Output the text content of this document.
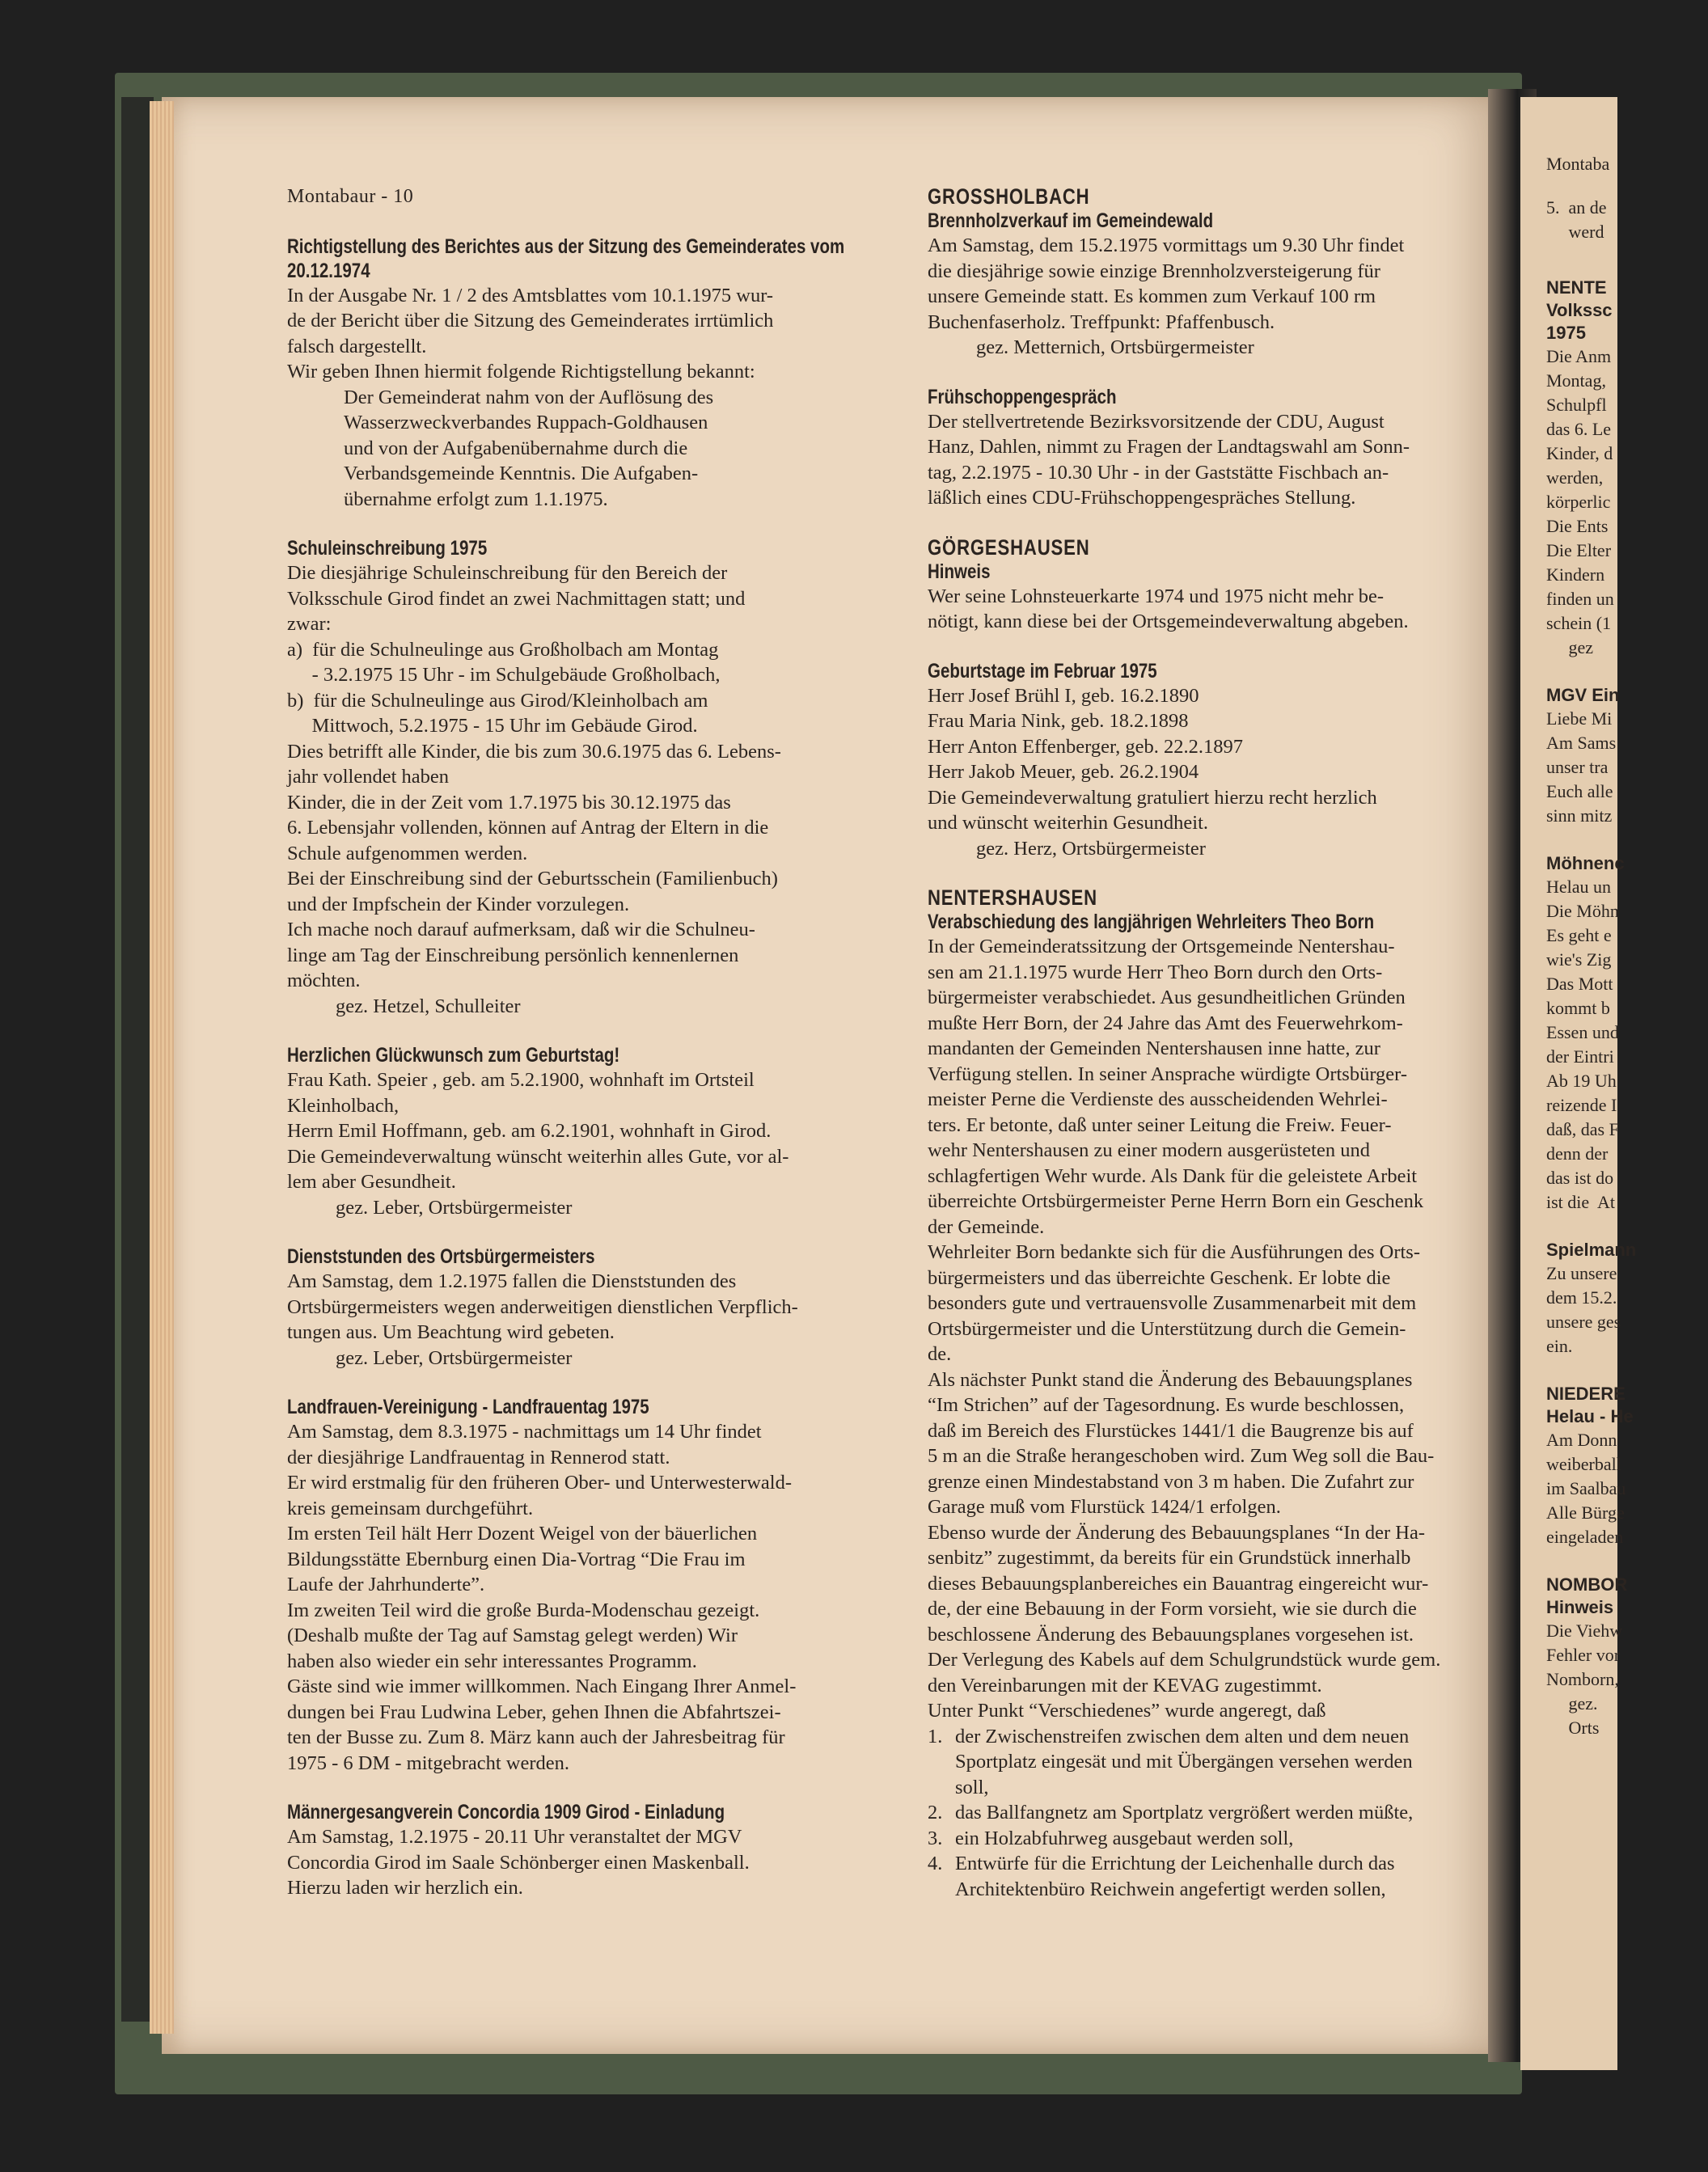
Montabaur - 10
Richtigstellung des Berichtes aus der Sitzung des Gemeinderates vom 20.12.1974
In der Ausgabe Nr. 1 / 2 des Amtsblattes vom 10.1.1975 wur-
de der Bericht über die Sitzung des Gemeinderates irrtümlich
falsch dargestellt.
Wir geben Ihnen hiermit folgende Richtigstellung bekannt:
Der Gemeinderat nahm von der Auflösung des
Wasserzweckverbandes Ruppach-Goldhausen
und von der Aufgabenübernahme durch die
Verbandsgemeinde Kenntnis. Die Aufgaben-
übernahme erfolgt zum 1.1.1975.
Schuleinschreibung 1975
Die diesjährige Schuleinschreibung für den Bereich der
Volksschule Girod findet an zwei Nachmittagen statt; und
zwar:
a)  für die Schulneulinge aus Großholbach am Montag
- 3.2.1975 15 Uhr - im Schulgebäude Großholbach,
b)  für die Schulneulinge aus Girod/Kleinholbach am
Mittwoch, 5.2.1975 - 15 Uhr im Gebäude Girod.
Dies betrifft alle Kinder, die bis zum 30.6.1975 das 6. Lebens-
jahr vollendet haben
Kinder, die in der Zeit vom 1.7.1975 bis 30.12.1975 das
6. Lebensjahr vollenden, können auf Antrag der Eltern in die
Schule aufgenommen werden.
Bei der Einschreibung sind der Geburtsschein (Familienbuch)
und der Impfschein der Kinder vorzulegen.
Ich mache noch darauf aufmerksam, daß wir die Schulneu-
linge am Tag der Einschreibung persönlich kennenlernen
möchten.
gez. Hetzel, Schulleiter
Herzlichen Glückwunsch zum Geburtstag!
Frau Kath. Speier , geb. am 5.2.1900, wohnhaft im Ortsteil
Kleinholbach,
Herrn Emil Hoffmann, geb. am 6.2.1901, wohnhaft in Girod.
Die Gemeindeverwaltung wünscht weiterhin alles Gute, vor al-
lem aber Gesundheit.
gez. Leber, Ortsbürgermeister
Dienststunden des Ortsbürgermeisters
Am Samstag, dem 1.2.1975 fallen die Dienststunden des
Ortsbürgermeisters wegen anderweitigen dienstlichen Verpflich-
tungen aus. Um Beachtung wird gebeten.
gez. Leber, Ortsbürgermeister
Landfrauen-Vereinigung - Landfrauentag 1975
Am Samstag, dem 8.3.1975 - nachmittags um 14 Uhr findet
der diesjährige Landfrauentag in Rennerod statt.
Er wird erstmalig für den früheren Ober- und Unterwesterwald-
kreis gemeinsam durchgeführt.
Im ersten Teil hält Herr Dozent Weigel von der bäuerlichen
Bildungsstätte Ebernburg einen Dia-Vortrag “Die Frau im
Laufe der Jahrhunderte”.
Im zweiten Teil wird die große Burda-Modenschau gezeigt.
(Deshalb mußte der Tag auf Samstag gelegt werden) Wir
haben also wieder ein sehr interessantes Programm.
Gäste sind wie immer willkommen. Nach Eingang Ihrer Anmel-
dungen bei Frau Ludwina Leber, gehen Ihnen die Abfahrtszei-
ten der Busse zu. Zum 8. März kann auch der Jahresbeitrag für
1975 - 6 DM - mitgebracht werden.
Männergesangverein Concordia 1909 Girod - Einladung
Am Samstag, 1.2.1975 - 20.11 Uhr veranstaltet der MGV
Concordia Girod im Saale Schönberger einen Maskenball.
Hierzu laden wir herzlich ein.
GROSSHOLBACH
Brennholzverkauf im Gemeindewald
Am Samstag, dem 15.2.1975 vormittags um 9.30 Uhr findet
die diesjährige sowie einzige Brennholzversteigerung für
unsere Gemeinde statt. Es kommen zum Verkauf 100 rm
Buchenfaserholz. Treffpunkt: Pfaffenbusch.
gez. Metternich, Ortsbürgermeister
Frühschoppengespräch
Der stellvertretende Bezirksvorsitzende der CDU, August
Hanz, Dahlen, nimmt zu Fragen der Landtagswahl am Sonn-
tag, 2.2.1975 - 10.30 Uhr - in der Gaststätte Fischbach an-
läßlich eines CDU-Frühschoppengespräches Stellung.
GÖRGESHAUSEN
Hinweis
Wer seine Lohnsteuerkarte 1974 und 1975 nicht mehr be-
nötigt, kann diese bei der Ortsgemeindeverwaltung abgeben.
Geburtstage im Februar 1975
Herr Josef Brühl I, geb. 16.2.1890
Frau Maria Nink, geb. 18.2.1898
Herr Anton Effenberger, geb. 22.2.1897
Herr Jakob Meuer, geb. 26.2.1904
Die Gemeindeverwaltung gratuliert hierzu recht herzlich
und wünscht weiterhin Gesundheit.
gez. Herz, Ortsbürgermeister
NENTERSHAUSEN
Verabschiedung des langjährigen Wehrleiters Theo Born
In der Gemeinderatssitzung der Ortsgemeinde Nentershau-
sen am 21.1.1975 wurde Herr Theo Born durch den Orts-
bürgermeister verabschiedet. Aus gesundheitlichen Gründen
mußte Herr Born, der 24 Jahre das Amt des Feuerwehrkom-
mandanten der Gemeinden Nentershausen inne hatte, zur
Verfügung stellen. In seiner Ansprache würdigte Ortsbürger-
meister Perne die Verdienste des ausscheidenden Wehrlei-
ters. Er betonte, daß unter seiner Leitung die Freiw. Feuer-
wehr Nentershausen zu einer modern ausgerüsteten und
schlagfertigen Wehr wurde. Als Dank für die geleistete Arbeit
überreichte Ortsbürgermeister Perne Herrn Born ein Geschenk
der Gemeinde.
Wehrleiter Born bedankte sich für die Ausführungen des Orts-
bürgermeisters und das überreichte Geschenk. Er lobte die
besonders gute und vertrauensvolle Zusammenarbeit mit dem
Ortsbürgermeister und die Unterstützung durch die Gemein-
de.
Als nächster Punkt stand die Änderung des Bebauungsplanes
“Im Strichen” auf der Tagesordnung. Es wurde beschlossen,
daß im Bereich des Flurstückes 1441/1 die Baugrenze bis auf
5 m an die Straße herangeschoben wird. Zum Weg soll die Bau-
grenze einen Mindestabstand von 3 m haben. Die Zufahrt zur
Garage muß vom Flurstück 1424/1 erfolgen.
Ebenso wurde der Änderung des Bebauungsplanes “In der Ha-
senbitz” zugestimmt, da bereits für ein Grundstück innerhalb
dieses Bebauungsplanbereiches ein Bauantrag eingereicht wur-
de, der eine Bebauung in der Form vorsieht, wie sie durch die
beschlossene Änderung des Bebauungsplanes vorgesehen ist.
Der Verlegung des Kabels auf dem Schulgrundstück wurde gem.
den Vereinbarungen mit der KEVAG zugestimmt.
Unter Punkt “Verschiedenes” wurde angeregt, daß
1. der Zwischenstreifen zwischen dem alten und dem neuen
Sportplatz eingesät und mit Übergängen versehen werden
soll,
2. das Ballfangnetz am Sportplatz vergrößert werden müßte,
3. ein Holzabfuhrweg ausgebaut werden soll,
4. Entwürfe für die Errichtung der Leichenhalle durch das
Architektenbüro Reichwein angefertigt werden sollen,
Montaba
5.  an de
werd
NENTE
Volkssc
1975
Die Anm
Montag,
Schulpfl
das 6. Le
Kinder, d
werden,
körperlic
Die Ents
Die Elter
Kindern
finden un
schein (1
gez
MGV Ein
Liebe Mi
Am Sams
unser tra
Euch alle
sinn mitz
Möhnenc
Helau un
Die Möhn
Es geht e
wie's Zig
Das Mott
kommt b
Essen und
der Eintri
Ab 19 Uh
reizende I
daß, das F
denn der
das ist do
ist die  At
Spielmann
Zu unsere
dem 15.2.
unsere ges
ein.
NIEDERE
Helau - He
Am Donn
weiberball
im Saalbau
Alle Bürge
eingeladen
NOMBOR
Hinweis
Die Viehw
Fehler vor
Nomborn,
gez.
Orts
